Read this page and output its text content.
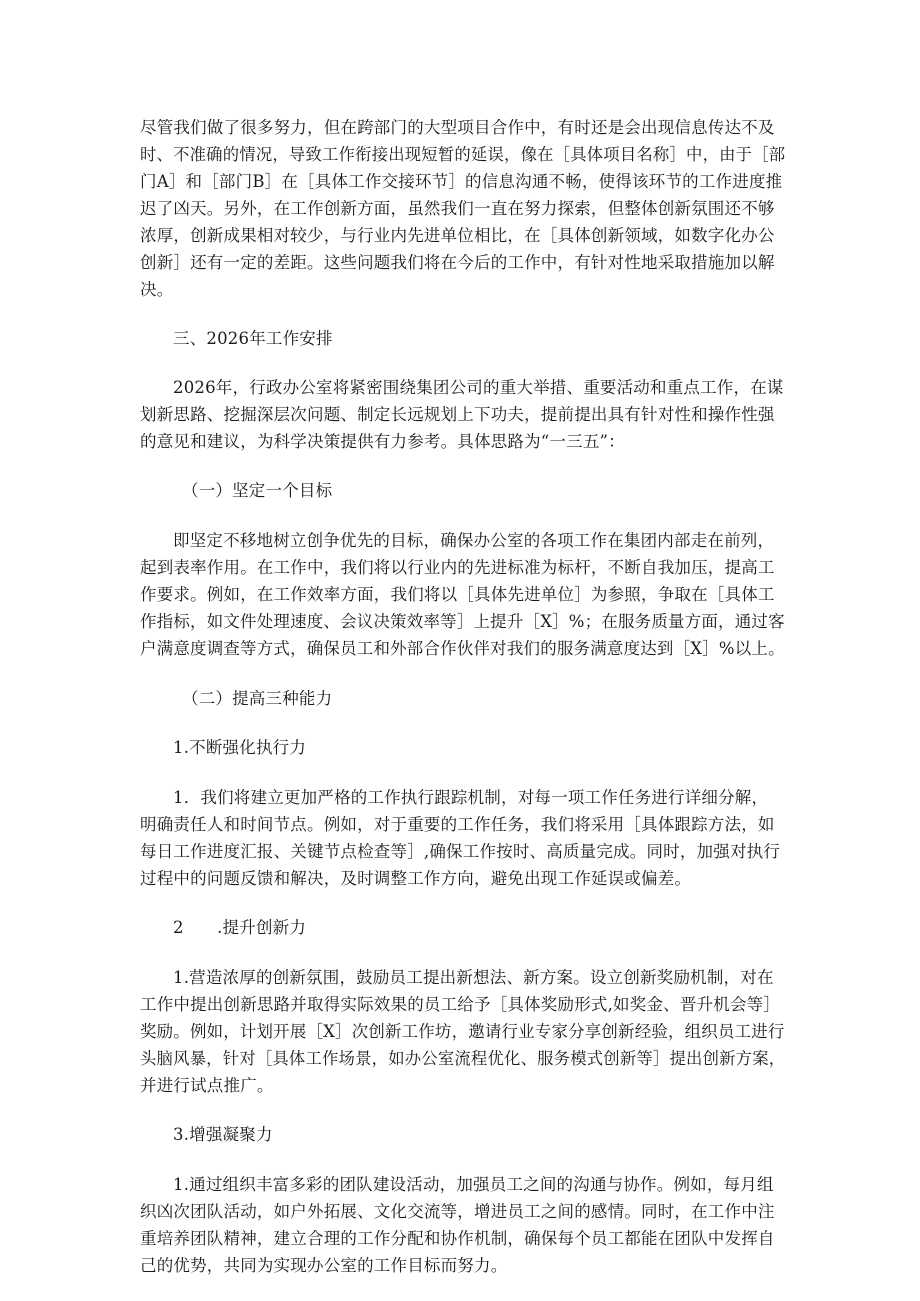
尽管我们做了很多努力，但在跨部门的大型项目合作中，有时还是会出现信息传达不及
时、不准确的情况，导致工作衔接出现短暂的延误，像在［具体项目名称］中，由于［部
门A］和［部门B］在［具体工作交接环节］的信息沟通不畅，使得该环节的工作进度推
迟了凶天。另外，在工作创新方面，虽然我们一直在努力探索，但整体创新氛围还不够
浓厚，创新成果相对较少，与行业内先进单位相比，在［具体创新领域，如数字化办公
创新］还有一定的差距。这些问题我们将在今后的工作中，有针对性地采取措施加以解
决。
三、2026年工作安排
2026年，行政办公室将紧密围绕集团公司的重大举措、重要活动和重点工作，在谋
划新思路、挖掘深层次问题、制定长远规划上下功夫，提前提出具有针对性和操作性强
的意见和建议，为科学决策提供有力参考。具体思路为“一三五”：
（一）坚定一个目标
即坚定不移地树立创争优先的目标，确保办公室的各项工作在集团内部走在前列，
起到表率作用。在工作中，我们将以行业内的先进标准为标杆，不断自我加压，提高工
作要求。例如，在工作效率方面，我们将以［具体先进单位］为参照，争取在［具体工
作指标，如文件处理速度、会议决策效率等］上提升［X］%；在服务质量方面，通过客
户满意度调查等方式，确保员工和外部合作伙伴对我们的服务满意度达到［X］%以上。
（二）提高三种能力
1.不断强化执行力
1．我们将建立更加严格的工作执行跟踪机制，对每一项工作任务进行详细分解，
明确责任人和时间节点。例如，对于重要的工作任务，我们将采用［具体跟踪方法，如
每日工作进度汇报、关键节点检查等］,确保工作按时、高质量完成。同时，加强对执行
过程中的问题反馈和解决，及时调整工作方向，避免出现工作延误或偏差。
2　　.提升创新力
1.营造浓厚的创新氛围，鼓励员工提出新想法、新方案。设立创新奖励机制，对在
工作中提出创新思路并取得实际效果的员工给予［具体奖励形式,如奖金、晋升机会等］
奖励。例如，计划开展［X］次创新工作坊，邀请行业专家分享创新经验，组织员工进行
头脑风暴，针对［具体工作场景，如办公室流程优化、服务模式创新等］提出创新方案，
并进行试点推广。
3.增强凝聚力
1.通过组织丰富多彩的团队建设活动，加强员工之间的沟通与协作。例如，每月组
织凶次团队活动，如户外拓展、文化交流等，增进员工之间的感情。同时，在工作中注
重培养团队精神，建立合理的工作分配和协作机制，确保每个员工都能在团队中发挥自
己的优势，共同为实现办公室的工作目标而努力。
